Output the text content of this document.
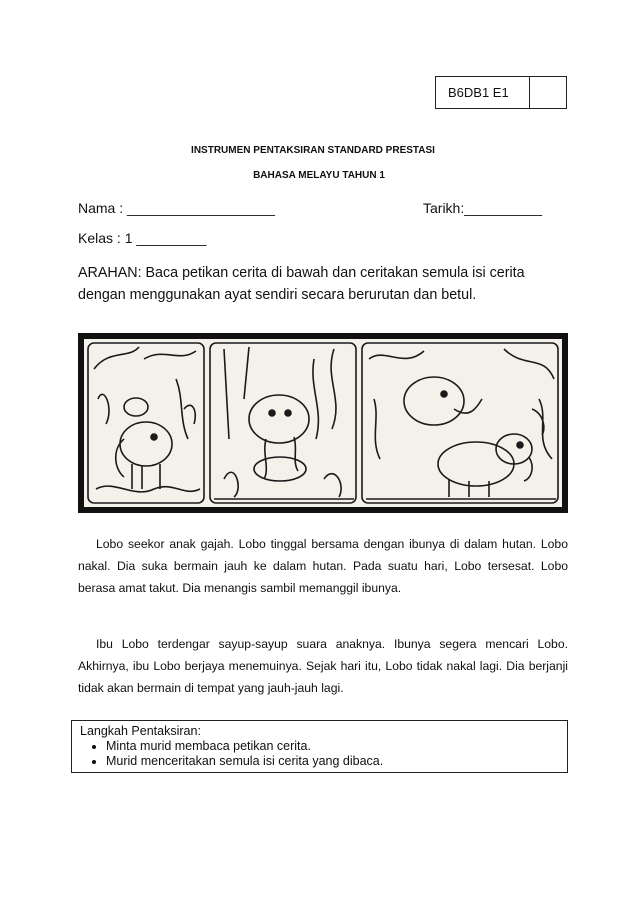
B6DB1 E1
INSTRUMEN PENTAKSIRAN STANDARD PRESTASI
BAHASA MELAYU TAHUN 1
Nama : ___________________	Tarikh:__________
Kelas : 1 _________
ARAHAN: Baca petikan cerita di bawah dan ceritakan semula isi cerita dengan menggunakan ayat sendiri secara berurutan dan betul.
Lobo seekor anak gajah. Lobo tinggal bersama dengan ibunya di dalam hutan. Lobo nakal. Dia suka bermain jauh ke dalam hutan. Pada suatu hari, Lobo tersesat. Lobo berasa amat takut. Dia menangis sambil memanggil ibunya.
Ibu Lobo terdengar sayup-sayup suara anaknya. Ibunya segera mencari Lobo. Akhirnya, ibu Lobo berjaya menemuinya. Sejak hari itu, Lobo tidak nakal lagi. Dia berjanji tidak akan bermain di tempat yang jauh-jauh lagi.
Langkah Pentaksiran:
• Minta murid membaca petikan cerita.
• Murid menceritakan semula isi cerita yang dibaca.
